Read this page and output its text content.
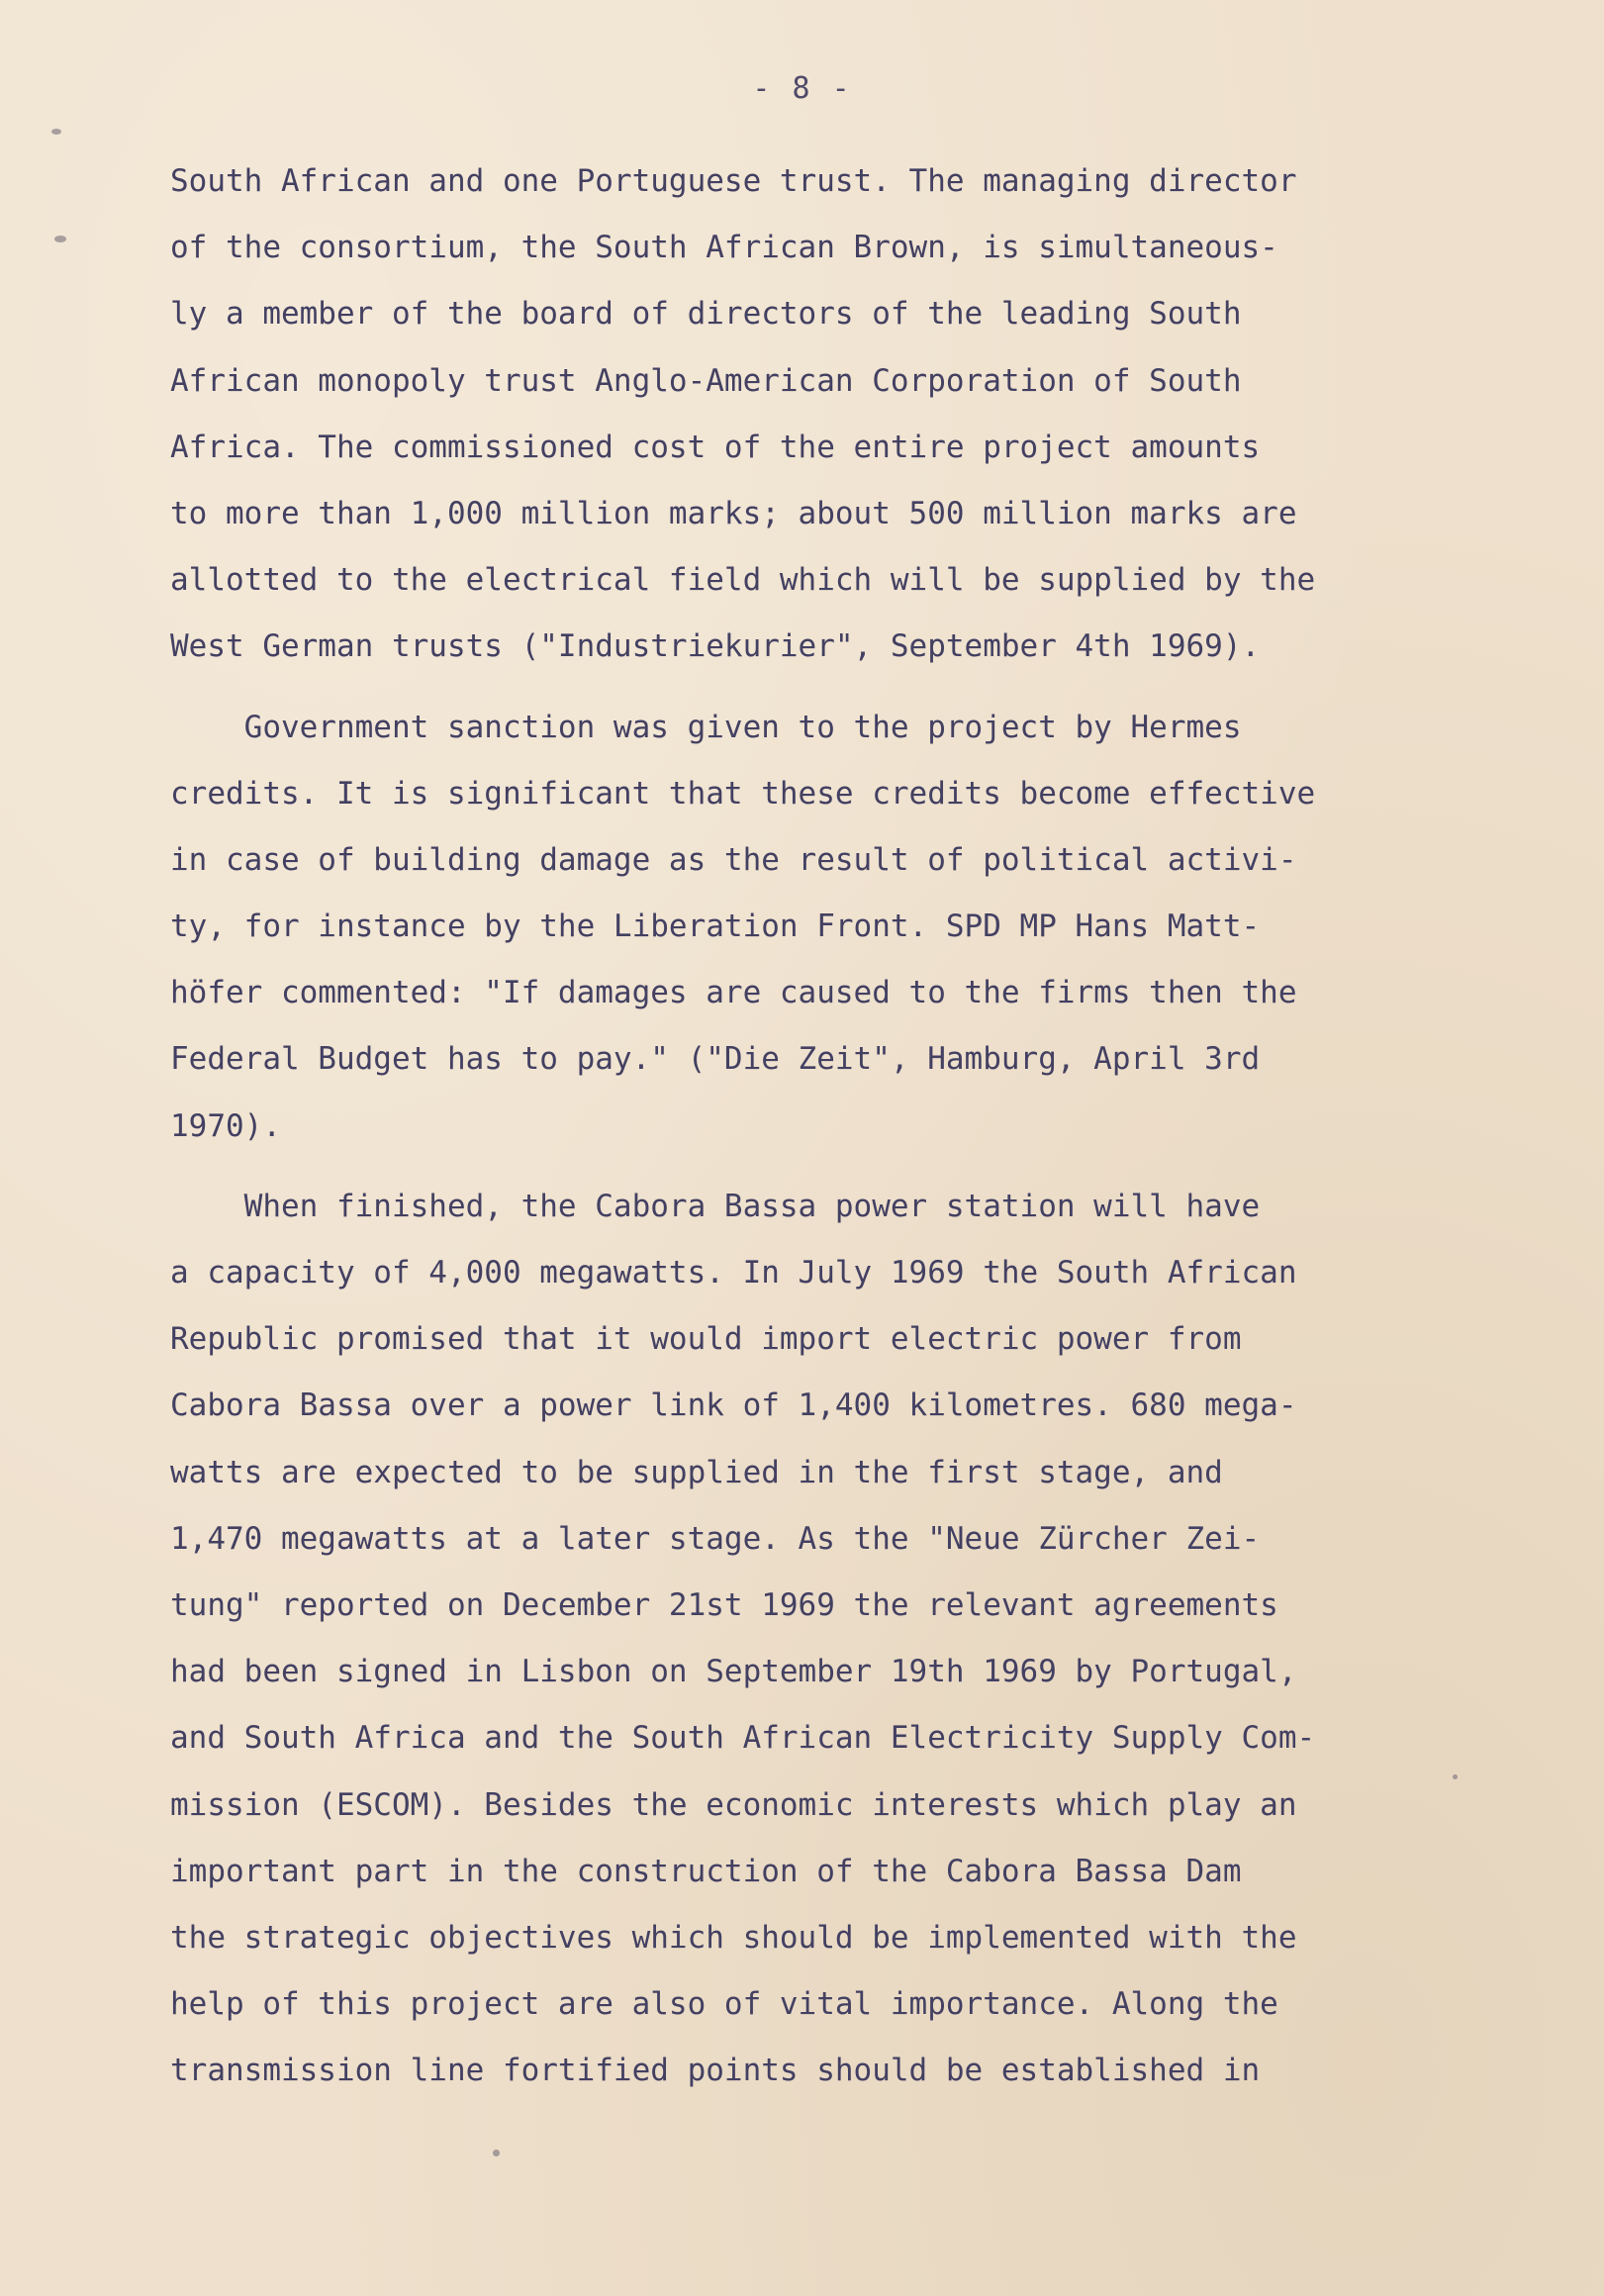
- 8 -
South African and one Portuguese trust. The managing director
of the consortium, the South African Brown, is simultaneous-
ly a member of the board of directors of the leading South
African monopoly trust Anglo-American Corporation of South
Africa. The commissioned cost of the entire project amounts
to more than 1,000 million marks; about 500 million marks are
allotted to the electrical field which will be supplied by the
West German trusts ("Industriekurier", September 4th 1969).
Government sanction was given to the project by Hermes
credits. It is significant that these credits become effective
in case of building damage as the result of political activi-
ty, for instance by the Liberation Front. SPD MP Hans Matt-
höfer commented: "If damages are caused to the firms then the
Federal Budget has to pay." ("Die Zeit", Hamburg, April 3rd
1970).
When finished, the Cabora Bassa power station will have
a capacity of 4,000 megawatts. In July 1969 the South African
Republic promised that it would import electric power from
Cabora Bassa over a power link of 1,400 kilometres. 680 mega-
watts are expected to be supplied in the first stage, and
1,470 megawatts at a later stage. As the "Neue Zürcher Zei-
tung" reported on December 21st 1969 the relevant agreements
had been signed in Lisbon on September 19th 1969 by Portugal,
and South Africa and the South African Electricity Supply Com-
mission (ESCOM). Besides the economic interests which play an
important part in the construction of the Cabora Bassa Dam
the strategic objectives which should be implemented with the
help of this project are also of vital importance. Along the
transmission line fortified points should be established in
